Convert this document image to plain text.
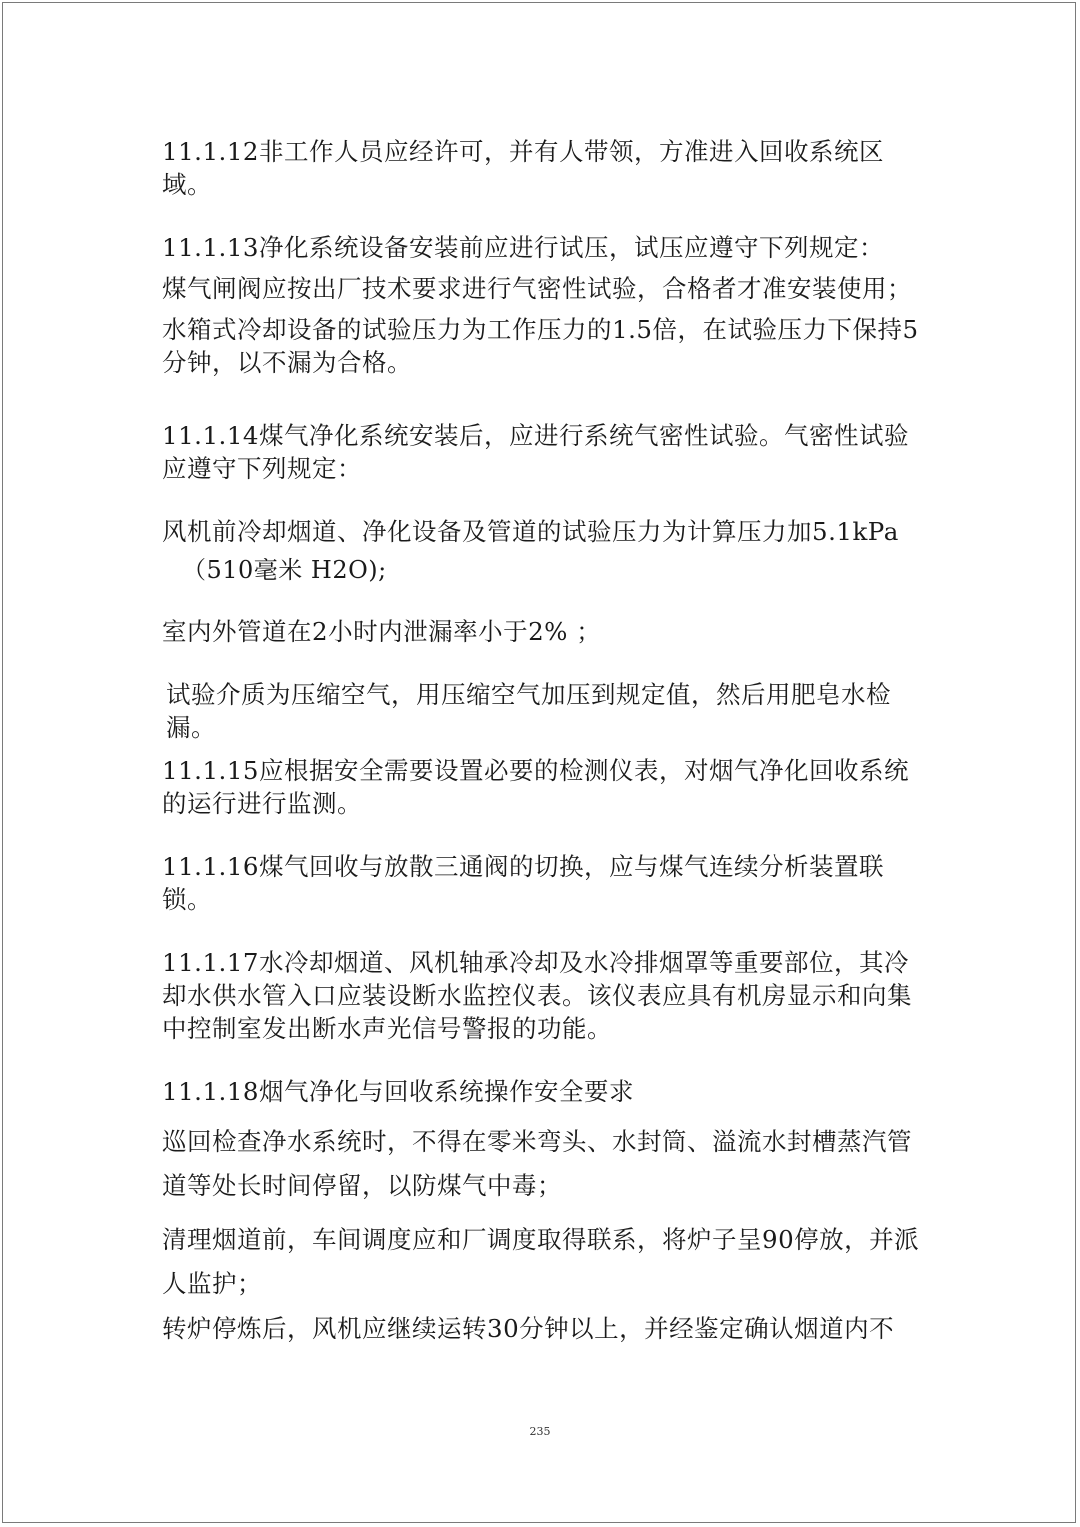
11.1.12非工作人员应经许可，并有人带领，方准进入回收系统区域。

11.1.13净化系统设备安装前应进行试压，试压应遵守下列规定：

煤气闸阀应按出厂技术要求进行气密性试验，合格者才准安装使用；

水箱式冷却设备的试验压力为工作压力的1.5倍，在试验压力下保持5分钟，以不漏为合格。

11.1.14煤气净化系统安装后，应进行系统气密性试验。气密性试验应遵守下列规定：

风机前冷却烟道、净化设备及管道的试验压力为计算压力加5.1kPa

（510毫米 H2O);

室内外管道在2小时内泄漏率小于2% ；

试验介质为压缩空气，用压缩空气加压到规定值，然后用肥皂水检漏。

11.1.15应根据安全需要设置必要的检测仪表，对烟气净化回收系统的运行进行监测。

11.1.16煤气回收与放散三通阀的切换，应与煤气连续分析装置联锁。

11.1.17水冷却烟道、风机轴承冷却及水冷排烟罩等重要部位，其冷却水供水管入口应装设断水监控仪表。该仪表应具有机房显示和向集中控制室发出断水声光信号警报的功能。

11.1.18烟气净化与回收系统操作安全要求

巡回检查净水系统时，不得在零米弯头、水封筒、溢流水封槽蒸汽管道等处长时间停留，以防煤气中毒；

清理烟道前，车间调度应和厂调度取得联系，将炉子呈90停放，并派人监护；

转炉停炼后，风机应继续运转30分钟以上，并经鉴定确认烟道内不

235
